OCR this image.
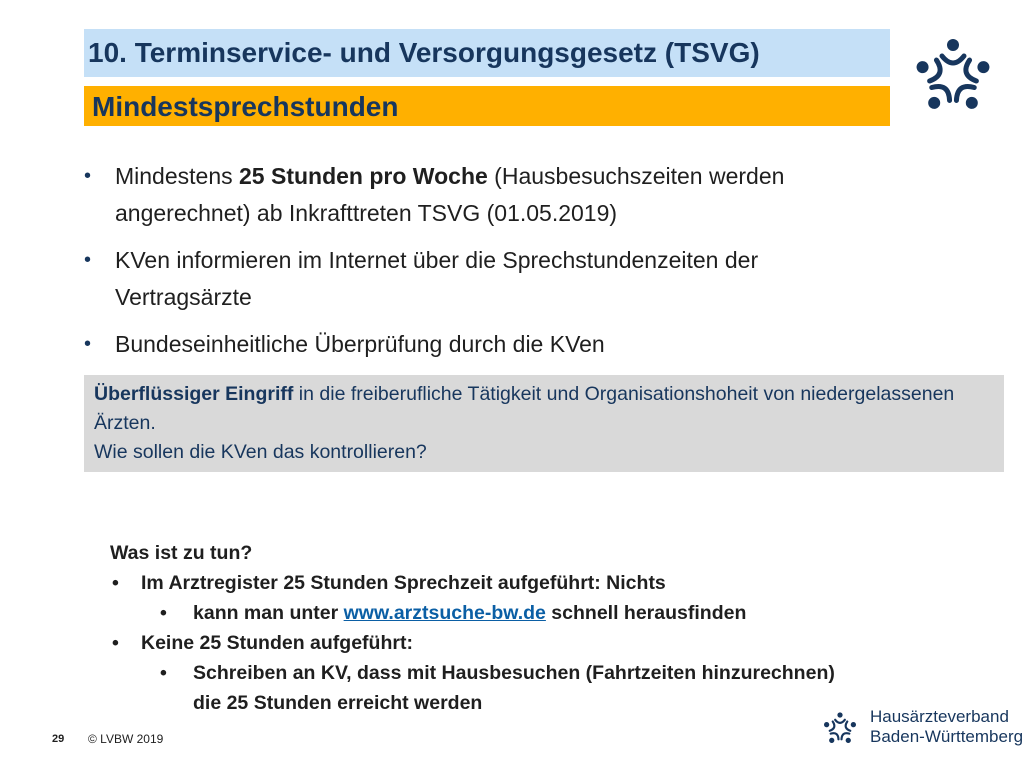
10. Terminservice- und Versorgungsgesetz (TSVG)
Mindestsprechstunden
• Mindestens 25 Stunden pro Woche (Hausbesuchszeiten werden angerechnet) ab Inkrafttreten TSVG (01.05.2019)
• KVen informieren im Internet über die Sprechstundenzeiten der Vertragsärzte
• Bundeseinheitliche Überprüfung durch die KVen
Überflüssiger Eingriff in die freiberufliche Tätigkeit und Organisationshoheit von niedergelassenen Ärzten.
Wie sollen die KVen das kontrollieren?
Was ist zu tun?
• Im Arztregister 25 Stunden Sprechzeit aufgeführt: Nichts
• kann man unter www.arztsuche-bw.de schnell herausfinden
• Keine 25 Stunden aufgeführt:
• Schreiben an KV, dass mit Hausbesuchen (Fahrtzeiten hinzurechnen)
die 25 Stunden erreicht werden
29 © LVBW 2019
Hausärzteverband
Baden-Württemberg
